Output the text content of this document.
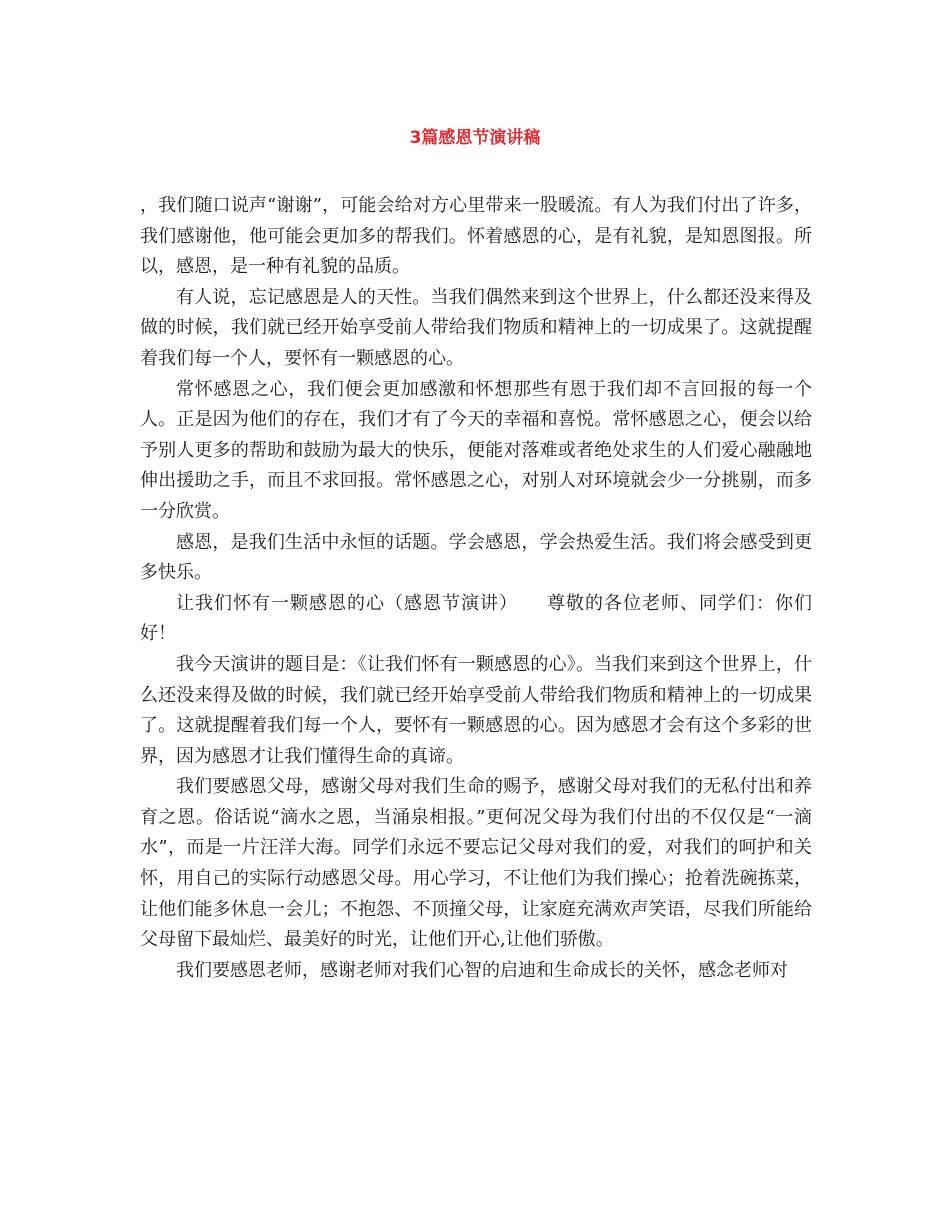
3篇感恩节演讲稿

，我们随口说声“谢谢”，可能会给对方心里带来一股暖流。有人为我们付出了许多，我们感谢他，他可能会更加多的帮我们。怀着感恩的心，是有礼貌，是知恩图报。所以，感恩，是一种有礼貌的品质。

有人说，忘记感恩是人的天性。当我们偶然来到这个世界上，什么都还没来得及做的时候，我们就已经开始享受前人带给我们物质和精神上的一切成果了。这就提醒着我们每一个人，要怀有一颗感恩的心。

常怀感恩之心，我们便会更加感激和怀想那些有恩于我们却不言回报的每一个人。正是因为他们的存在，我们才有了今天的幸福和喜悦。常怀感恩之心，便会以给予别人更多的帮助和鼓励为最大的快乐，便能对落难或者绝处求生的人们爱心融融地伸出援助之手，而且不求回报。常怀感恩之心，对别人对环境就会少一分挑剔，而多一分欣赏。

感恩，是我们生活中永恒的话题。学会感恩，学会热爱生活。我们将会感受到更多快乐。

让我们怀有一颗感恩的心（感恩节演讲）　　尊敬的各位老师、同学们：你们好！

我今天演讲的题目是：《让我们怀有一颗感恩的心》。当我们来到这个世界上，什么还没来得及做的时候，我们就已经开始享受前人带给我们物质和精神上的一切成果了。这就提醒着我们每一个人，要怀有一颗感恩的心。因为感恩才会有这个多彩的世界，因为感恩才让我们懂得生命的真谛。

我们要感恩父母，感谢父母对我们生命的赐予，感谢父母对我们的无私付出和养育之恩。俗话说“滴水之恩，当涌泉相报。”更何况父母为我们付出的不仅仅是“一滴水”，而是一片汪洋大海。同学们永远不要忘记父母对我们的爱，对我们的呵护和关怀，用自己的实际行动感恩父母。用心学习，不让他们为我们操心；抢着洗碗拣菜，让他们能多休息一会儿；不抱怨、不顶撞父母，让家庭充满欢声笑语，尽我们所能给父母留下最灿烂、最美好的时光，让他们开心,让他们骄傲。

我们要感恩老师，感谢老师对我们心智的启迪和生命成长的关怀，感念老师对
